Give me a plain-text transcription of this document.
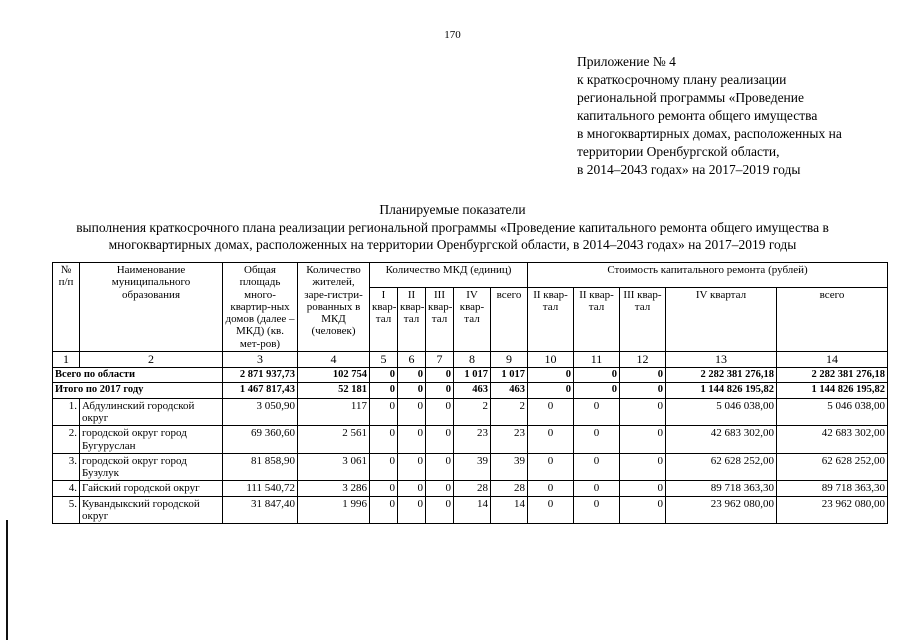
170
Приложение № 4
к краткосрочному плану реализации
региональной программы «Проведение
капитального ремонта общего имущества
в многоквартирных домах, расположенных на
территории Оренбургской области,
в 2014–2043 годах» на 2017–2019 годы
Планируемые показатели
выполнения краткосрочного плана реализации региональной программы «Проведение капитального ремонта общего имущества в
многоквартирных домах, расположенных на территории Оренбургской области, в 2014–2043 годах» на 2017–2019 годы
№ п/п	Наименование муниципального образования	Общая площадь много-квартир-ных домов (далее – МКД) (кв. мет-ров)	Количество жителей, заре-гистри-рованных в МКД (человек)	Количество МКД (единиц)					Стоимость капитального ремонта (рублей)				
				I квар-тал	II квар-тал	III квар-тал	IV квар-тал	всего	II квар-тал	II квар-тал	III квар-тал	IV квартал	всего
1	2	3	4	5	6	7	8	9	10	11	12	13	14
Всего по области		2 871 937,73	102 754	0	0	0	1 017	1 017	0	0	0	2 282 381 276,18	2 282 381 276,18
Итого по 2017 году		1 467 817,43	52 181	0	0	0	463	463	0	0	0	1 144 826 195,82	1 144 826 195,82
1.	Абдулинский городской округ	3 050,90	117	0	0	0	2	2	0	0	0	5 046 038,00	5 046 038,00
2.	городской округ город Бугуруслан	69 360,60	2 561	0	0	0	23	23	0	0	0	42 683 302,00	42 683 302,00
3.	городской округ город Бузулук	81 858,90	3 061	0	0	0	39	39	0	0	0	62 628 252,00	62 628 252,00
4.	Гайский городской округ	111 540,72	3 286	0	0	0	28	28	0	0	0	89 718 363,30	89 718 363,30
5.	Кувандыкский городской округ	31 847,40	1 996	0	0	0	14	14	0	0	0	23 962 080,00	23 962 080,00
